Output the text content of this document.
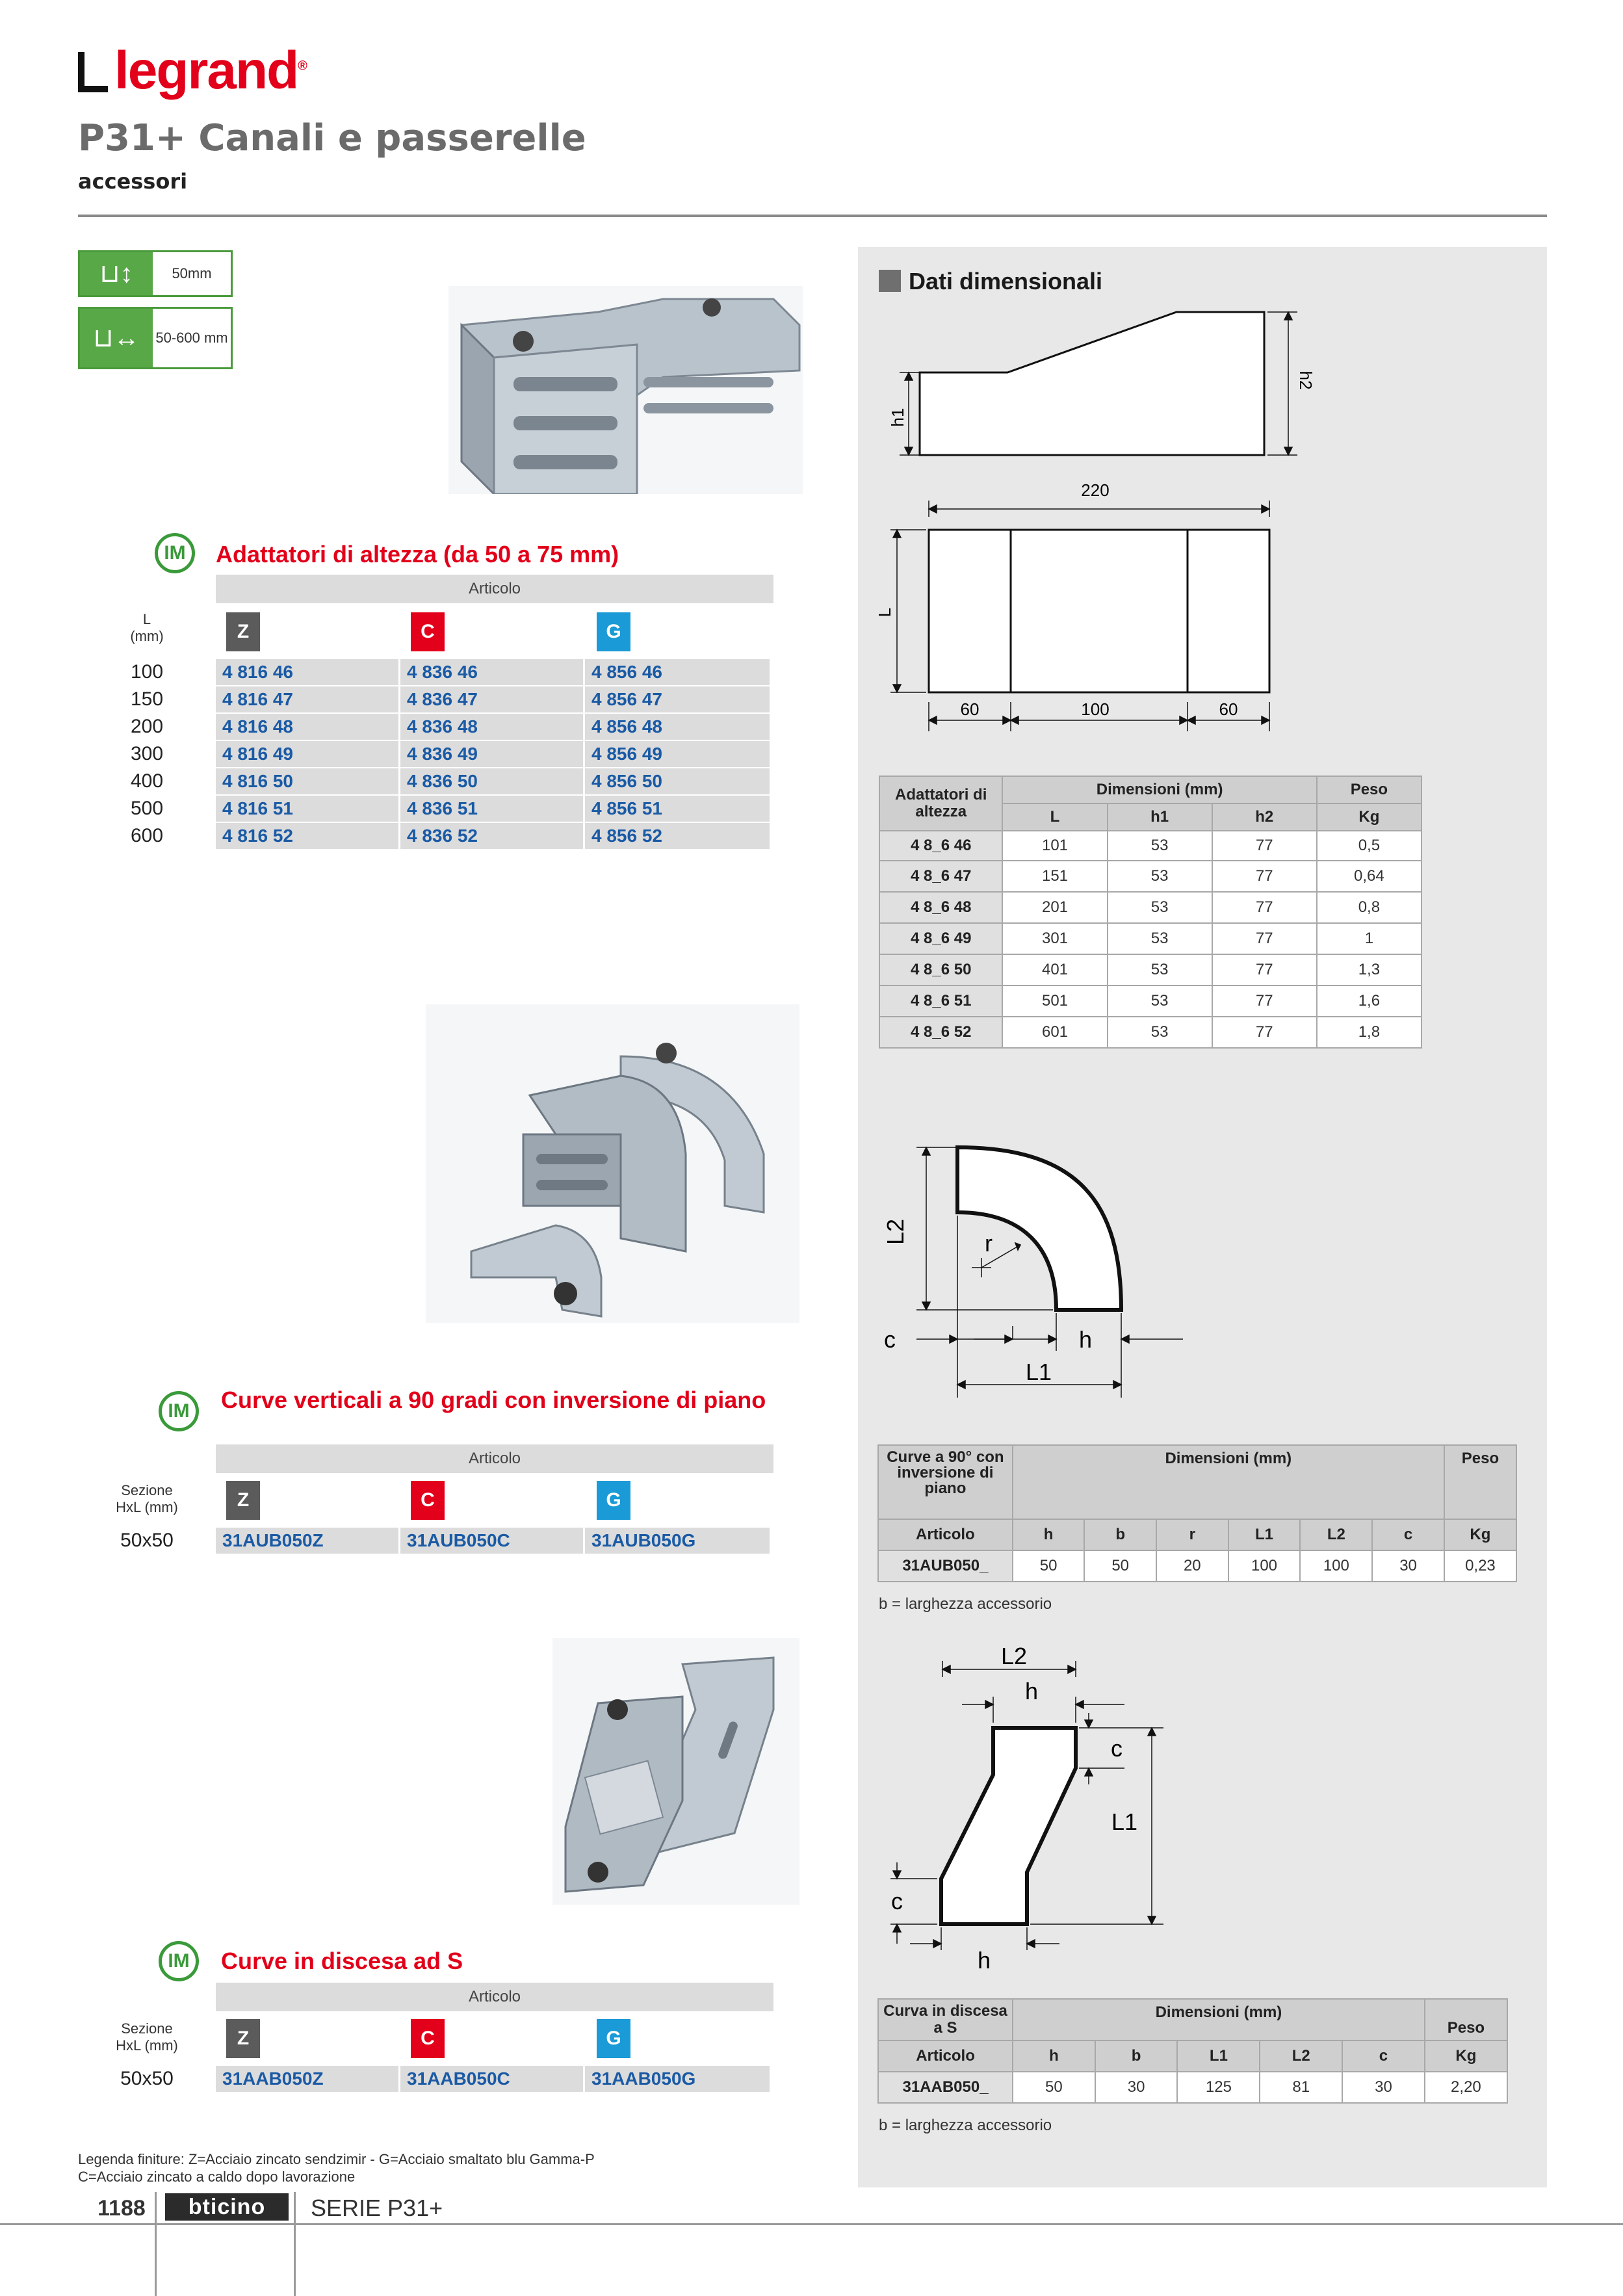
legrand®
P31+ Canali e passerelle
accessori
⊔↕	50mm
⊔↔	50-600 mm
IM	Adattatori di altezza (da 50 a 75 mm)
Articolo
L
(mm)	Z	C	G
100	4 816 46	4 836 46	4 856 46
150	4 816 47	4 836 47	4 856 47
200	4 816 48	4 836 48	4 856 48
300	4 816 49	4 836 49	4 856 49
400	4 816 50	4 836 50	4 856 50
500	4 816 51	4 836 51	4 856 51
600	4 816 52	4 836 52	4 856 52
IM	Curve verticali a 90 gradi con inversione di piano
Articolo
Sezione
HxL (mm)	Z	C	G
50x50	31AUB050Z	31AUB050C	31AUB050G
IM	Curve in discesa ad S
Articolo
Sezione
HxL (mm)	Z	C	G
50x50	31AAB050Z	31AAB050C	31AAB050G
Dati dimensionali
h1
h2
220
L
60	100	60
Adattatori di altezza	Dimensioni (mm)			Peso
	L	h1	h2	Kg
4 8_6 46	101	53	77	0,5
4 8_6 47	151	53	77	0,64
4 8_6 48	201	53	77	0,8
4 8_6 49	301	53	77	1
4 8_6 50	401	53	77	1,3
4 8_6 51	501	53	77	1,6
4 8_6 52	601	53	77	1,8
L2	r
c	h
L1
Curve a 90° con inversione di piano	Dimensioni (mm)						Peso
Articolo	h	b	r	L1	L2	c	Kg
31AUB050_	50	50	20	100	100	30	0,23
b = larghezza accessorio
L2
h
c
L1
c
h
Curva in discesa a S	Dimensioni (mm)					Peso
Articolo	h	b	L1	L2	c	Kg
31AAB050_	50	30	125	81	30	2,20
b = larghezza accessorio
Legenda finiture: Z=Acciaio zincato sendzimir - G=Acciaio smaltato blu Gamma-P
C=Acciaio zincato a caldo dopo lavorazione
1188	bticino	SERIE P31+
